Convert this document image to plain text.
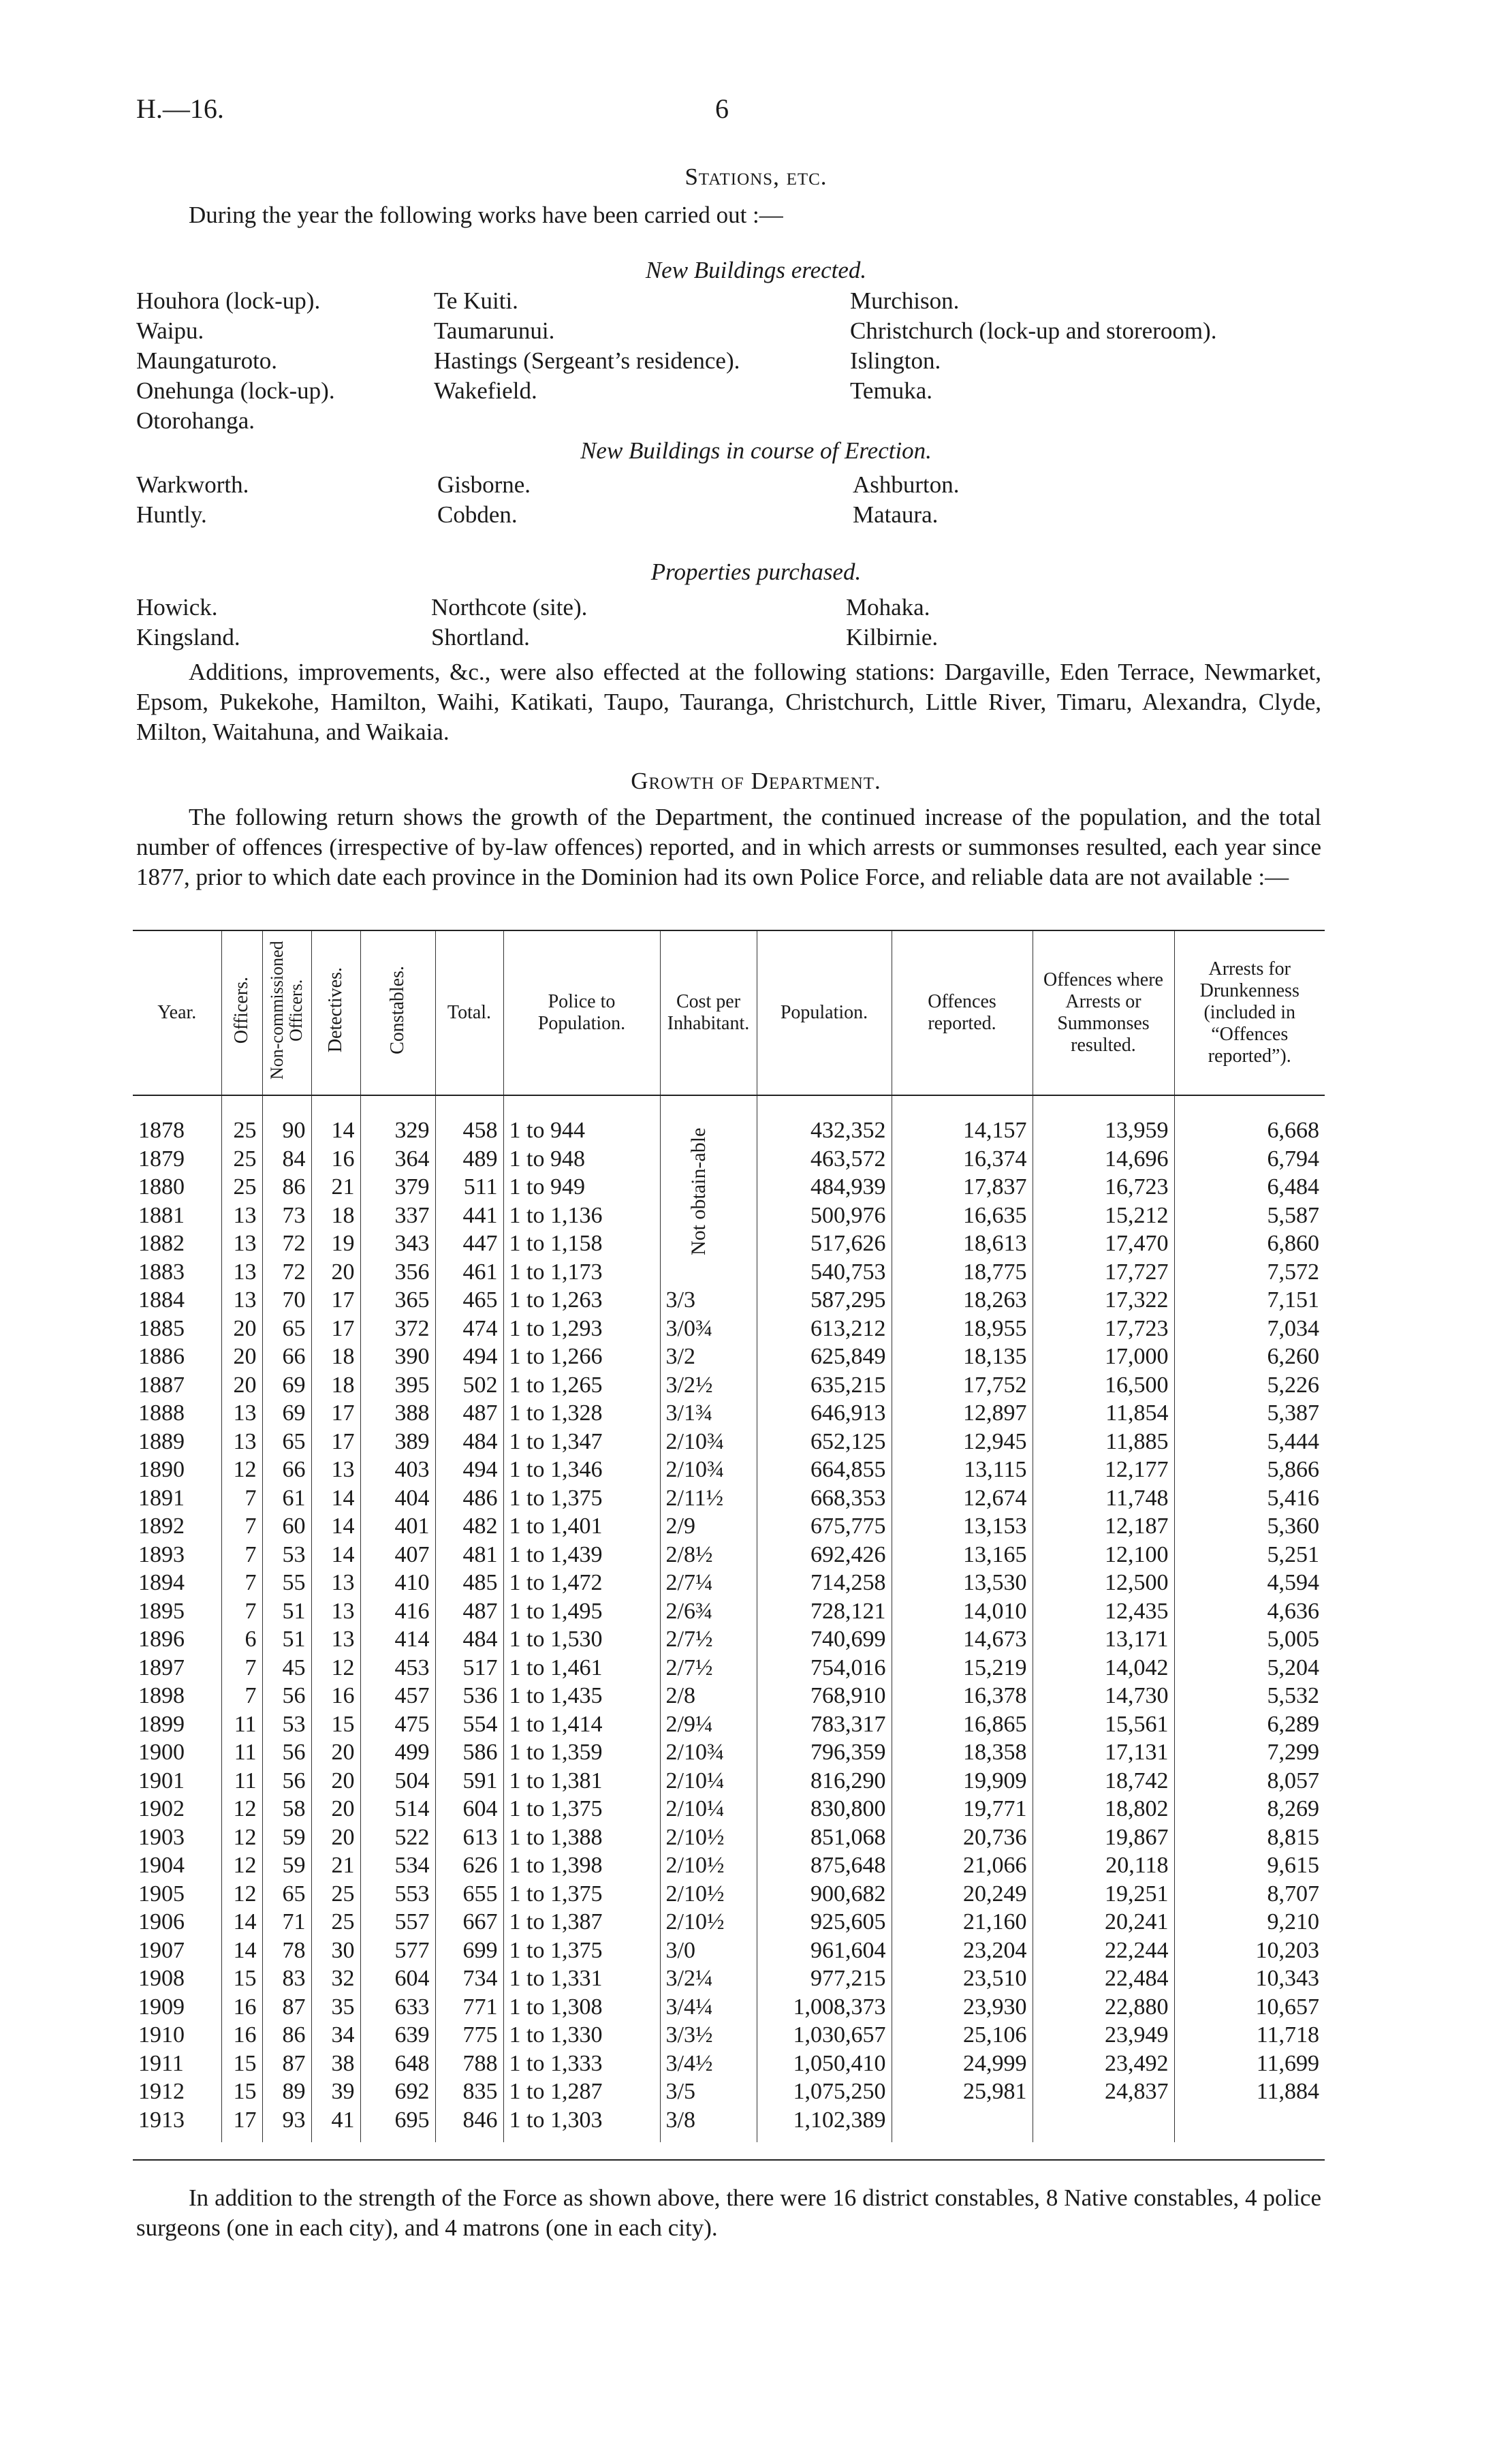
H.—16.	6
Stations, etc.
During the year the following works have been carried out :—
New Buildings erected.
Houhora (lock-up).
Waipu.
Maungaturoto.
Onehunga (lock-up).
Otorohanga.
Te Kuiti.
Taumarunui.
Hastings (Sergeant’s residence).
Wakefield.
Murchison.
Christchurch (lock-up and storeroom).
Islington.
Temuka.
New Buildings in course of Erection.
Warkworth.
Huntly.
Gisborne.
Cobden.
Ashburton.
Mataura.
Properties purchased.
Howick.
Kingsland.
Northcote (site).
Shortland.
Mohaka.
Kilbirnie.
Additions, improvements, &c., were also effected at the following stations: Dargaville, Eden Terrace, Newmarket, Epsom, Pukekohe, Hamilton, Waihi, Katikati, Taupo, Tauranga, Christchurch, Little River, Timaru, Alexandra, Clyde, Milton, Waitahuna, and Waikaia.
Growth of Department.
The following return shows the growth of the Department, the continued increase of the population, and the total number of offences (irrespective of by-law offences) reported, and in which arrests or summonses resulted, each year since 1877, prior to which date each province in the Dominion had its own Police Force, and reliable data are not available :—
Year.	Officers.	Non-commissioned Officers.	Detectives.	Constables.	Total.	Police to Population.	Cost per Inhabitant.	Population.	Offences reported.	Offences where Arrests or Summonses resulted.	Arrests for Drunkenness (included in “Offences reported”).
1878	25	90	14	329	458	1 to 944	Not obtain-able	432,352	14,157	13,959	6,668
1879	25	84	16	364	489	1 to 948		463,572	16,374	14,696	6,794
1880	25	86	21	379	511	1 to 949		484,939	17,837	16,723	6,484
1881	13	73	18	337	441	1 to 1,136		500,976	16,635	15,212	5,587
1882	13	72	19	343	447	1 to 1,158		517,626	18,613	17,470	6,860
1883	13	72	20	356	461	1 to 1,173		540,753	18,775	17,727	7,572
1884	13	70	17	365	465	1 to 1,263	3/3	587,295	18,263	17,322	7,151
1885	20	65	17	372	474	1 to 1,293	3/0¾	613,212	18,955	17,723	7,034
1886	20	66	18	390	494	1 to 1,266	3/2	625,849	18,135	17,000	6,260
1887	20	69	18	395	502	1 to 1,265	3/2½	635,215	17,752	16,500	5,226
1888	13	69	17	388	487	1 to 1,328	3/1¾	646,913	12,897	11,854	5,387
1889	13	65	17	389	484	1 to 1,347	2/10¾	652,125	12,945	11,885	5,444
1890	12	66	13	403	494	1 to 1,346	2/10¾	664,855	13,115	12,177	5,866
1891	7	61	14	404	486	1 to 1,375	2/11½	668,353	12,674	11,748	5,416
1892	7	60	14	401	482	1 to 1,401	2/9	675,775	13,153	12,187	5,360
1893	7	53	14	407	481	1 to 1,439	2/8½	692,426	13,165	12,100	5,251
1894	7	55	13	410	485	1 to 1,472	2/7¼	714,258	13,530	12,500	4,594
1895	7	51	13	416	487	1 to 1,495	2/6¾	728,121	14,010	12,435	4,636
1896	6	51	13	414	484	1 to 1,530	2/7½	740,699	14,673	13,171	5,005
1897	7	45	12	453	517	1 to 1,461	2/7½	754,016	15,219	14,042	5,204
1898	7	56	16	457	536	1 to 1,435	2/8	768,910	16,378	14,730	5,532
1899	11	53	15	475	554	1 to 1,414	2/9¼	783,317	16,865	15,561	6,289
1900	11	56	20	499	586	1 to 1,359	2/10¾	796,359	18,358	17,131	7,299
1901	11	56	20	504	591	1 to 1,381	2/10¼	816,290	19,909	18,742	8,057
1902	12	58	20	514	604	1 to 1,375	2/10¼	830,800	19,771	18,802	8,269
1903	12	59	20	522	613	1 to 1,388	2/10½	851,068	20,736	19,867	8,815
1904	12	59	21	534	626	1 to 1,398	2/10½	875,648	21,066	20,118	9,615
1905	12	65	25	553	655	1 to 1,375	2/10½	900,682	20,249	19,251	8,707
1906	14	71	25	557	667	1 to 1,387	2/10½	925,605	21,160	20,241	9,210
1907	14	78	30	577	699	1 to 1,375	3/0	961,604	23,204	22,244	10,203
1908	15	83	32	604	734	1 to 1,331	3/2¼	977,215	23,510	22,484	10,343
1909	16	87	35	633	771	1 to 1,308	3/4¼	1,008,373	23,930	22,880	10,657
1910	16	86	34	639	775	1 to 1,330	3/3½	1,030,657	25,106	23,949	11,718
1911	15	87	38	648	788	1 to 1,333	3/4½	1,050,410	24,999	23,492	11,699
1912	15	89	39	692	835	1 to 1,287	3/5	1,075,250	25,981	24,837	11,884
1913	17	93	41	695	846	1 to 1,303	3/8	1,102,389			
In addition to the strength of the Force as shown above, there were 16 district constables, 8 Native constables, 4 police surgeons (one in each city), and 4 matrons (one in each city).
